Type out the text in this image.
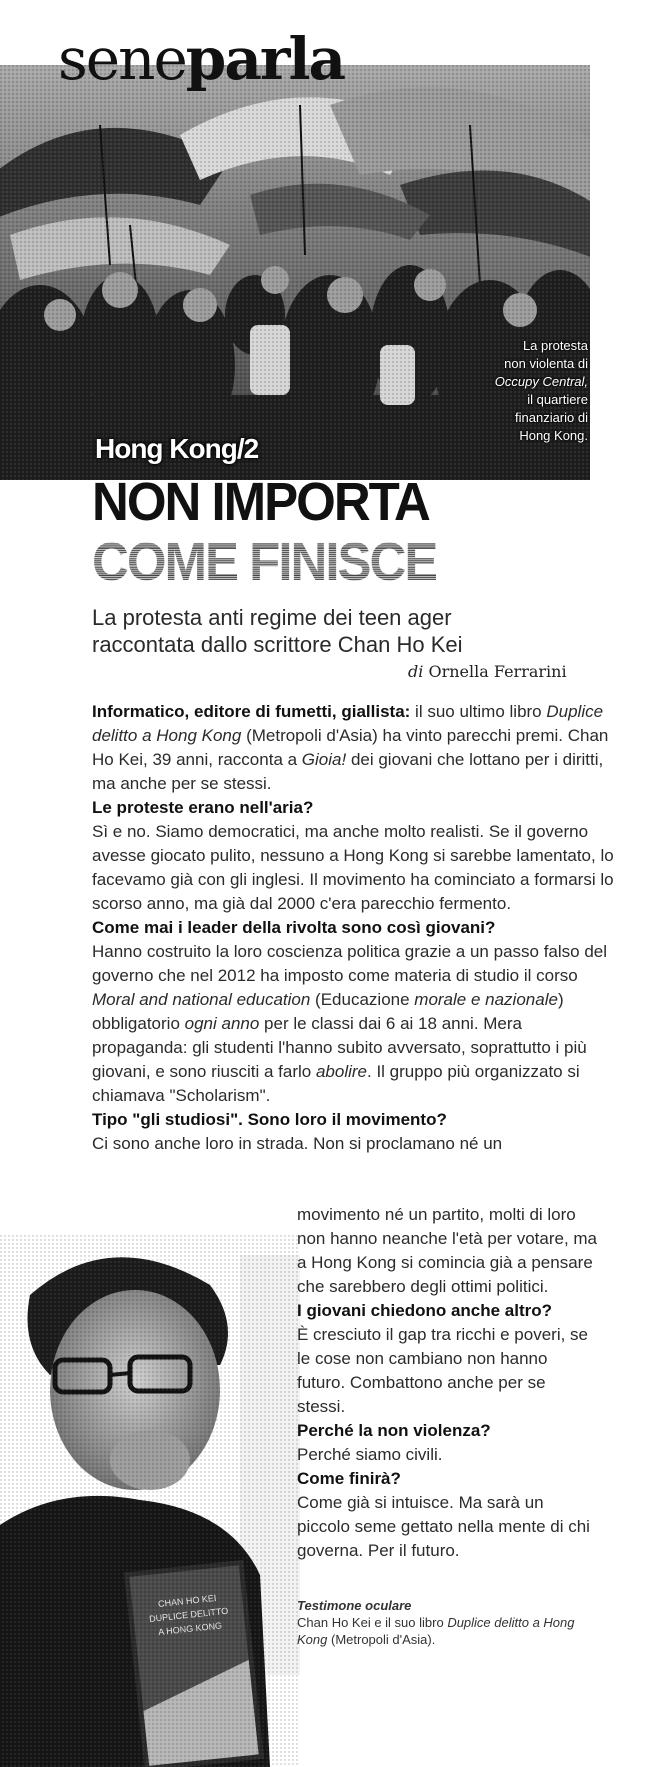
seneparla
La protesta
non violenta di
Occupy Central,
il quartiere
finanziario di
Hong Kong.
Hong Kong/2
NON IMPORTA
COME FINISCE
La protesta anti regime dei teen ager
raccontata dallo scrittore Chan Ho Kei
di Ornella Ferrarini

Informatico, editore di fumetti, giallista: il suo ultimo libro Duplice delitto a Hong Kong (Metropoli d'Asia) ha vinto parecchi premi. Chan Ho Kei, 39 anni, racconta a Gioia! dei giovani che lottano per i diritti, ma anche per se stessi.

Le proteste erano nell'aria?

Sì e no. Siamo democratici, ma anche molto realisti. Se il governo avesse giocato pulito, nessuno a Hong Kong si sarebbe lamentato, lo facevamo già con gli inglesi. Il movimento ha cominciato a formarsi lo scorso anno, ma già dal 2000 c'era parecchio fermento.

Come mai i leader della rivolta sono così giovani?

Hanno costruito la loro coscienza politica grazie a un passo falso del governo che nel 2012 ha imposto come materia di studio il corso Moral and national education (Educazione morale e nazionale) obbligatorio ogni anno per le classi dai 6 ai 18 anni. Mera propaganda: gli studenti l'hanno subito avversato, soprattutto i più giovani, e sono riusciti a farlo abolire. Il gruppo più organizzato si chiamava "Scholarism".

Tipo "gli studiosi". Sono loro il movimento?

Ci sono anche loro in strada. Non si proclamano né un

movimento né un partito, molti di loro non hanno neanche l'età per votare, ma a Hong Kong si comincia già a pensare che sarebbero degli ottimi politici.

I giovani chiedono anche altro?

È cresciuto il gap tra ricchi e poveri, se le cose non cambiano non hanno futuro. Combattono anche per se stessi.

Perché la non violenza?

Perché siamo civili.

Come finirà?

Come già si intuisce. Ma sarà un piccolo seme gettato nella mente di chi governa. Per il futuro.

Testimone oculare
Chan Ho Kei e il suo libro Duplice delitto a Hong Kong (Metropoli d'Asia).
